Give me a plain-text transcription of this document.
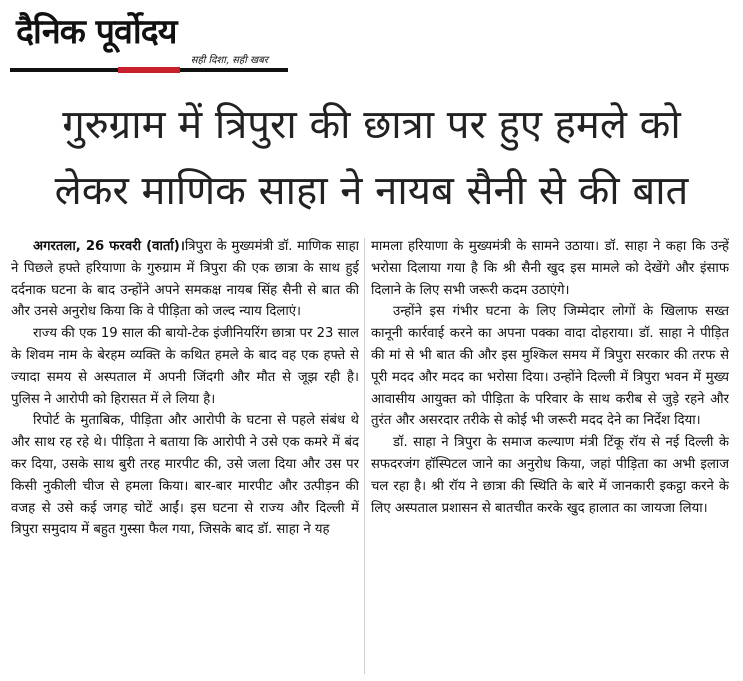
दैनिक पूर्वोदय
सही दिशा, सही खबर
गुरुग्राम में त्रिपुरा की छात्रा पर हुए हमले को
लेकर माणिक साहा ने नायब सैनी से की बात

अगरतला, 26 फरवरी (वार्ता)।त्रिपुरा के मुख्यमंत्री डॉ. माणिक साहा ने पिछले हफ्ते हरियाणा के गुरुग्राम में त्रिपुरा की एक छात्रा के साथ हुई दर्दनाक घटना के बाद उन्होंने अपने समकक्ष नायब सिंह सैनी से बात की और उनसे अनुरोध किया कि वे पीड़िता को जल्द न्याय दिलाएं।

राज्य की एक 19 साल की बायो-टेक इंजीनियरिंग छात्रा पर 23 साल के शिवम नाम के बेरहम व्यक्ति के कथित हमले के बाद वह एक हफ्ते से ज्यादा समय से अस्पताल में अपनी जिंदगी और मौत से जूझ रही है। पुलिस ने आरोपी को हिरासत में ले लिया है।

रिपोर्ट के मुताबिक, पीड़िता और आरोपी के घटना से पहले संबंध थे और साथ रह रहे थे। पीड़िता ने बताया कि आरोपी ने उसे एक कमरे में बंद कर दिया, उसके साथ बुरी तरह मारपीट की, उसे जला दिया और उस पर किसी नुकीली चीज से हमला किया। बार-बार मारपीट और उत्पीड़न की वजह से उसे कई जगह चोटें आईं। इस घटना से राज्य और दिल्ली में त्रिपुरा समुदाय में बहुत गुस्सा फैल गया, जिसके बाद डॉ. साहा ने यह

मामला हरियाणा के मुख्यमंत्री के सामने उठाया। डॉ. साहा ने कहा कि उन्हें भरोसा दिलाया गया है कि श्री सैनी खुद इस मामले को देखेंगे और इंसाफ दिलाने के लिए सभी जरूरी कदम उठाएंगे।

उन्होंने इस गंभीर घटना के लिए जिम्मेदार लोगों के खिलाफ सख्त कानूनी कार्रवाई करने का अपना पक्का वादा दोहराया। डॉ. साहा ने पीड़ित की मां से भी बात की और इस मुश्किल समय में त्रिपुरा सरकार की तरफ से पूरी मदद और मदद का भरोसा दिया। उन्होंने दिल्ली में त्रिपुरा भवन में मुख्य आवासीय आयुक्त को पीड़िता के परिवार के साथ करीब से जुड़े रहने और तुरंत और असरदार तरीके से कोई भी जरूरी मदद देने का निर्देश दिया।

डॉ. साहा ने त्रिपुरा के समाज कल्याण मंत्री टिंकू रॉय से नई दिल्ली के सफदरजंग हॉस्पिटल जाने का अनुरोध किया, जहां पीड़िता का अभी इलाज चल रहा है। श्री रॉय ने छात्रा की स्थिति के बारे में जानकारी इकट्ठा करने के लिए अस्पताल प्रशासन से बातचीत करके खुद हालात का जायजा लिया।
